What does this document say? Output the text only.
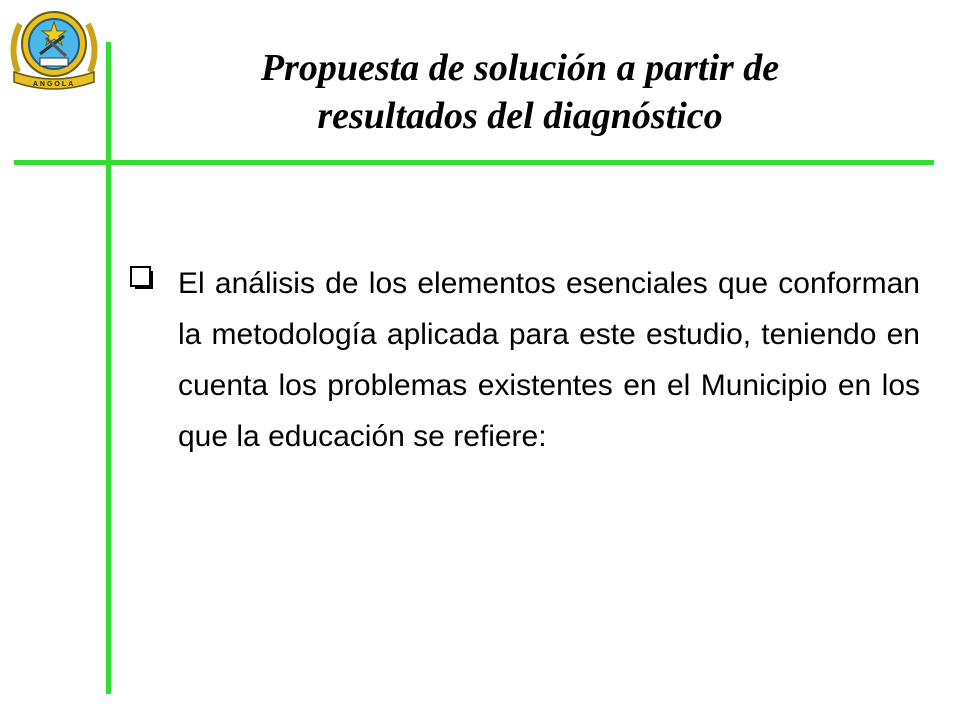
ANGOLA	Propuesta de solución a partir de
resultados del diagnóstico
El análisis de los elementos esenciales que conforman la metodología aplicada para este estudio, teniendo en cuenta los problemas existentes en el Municipio en los que la educación se refiere:
